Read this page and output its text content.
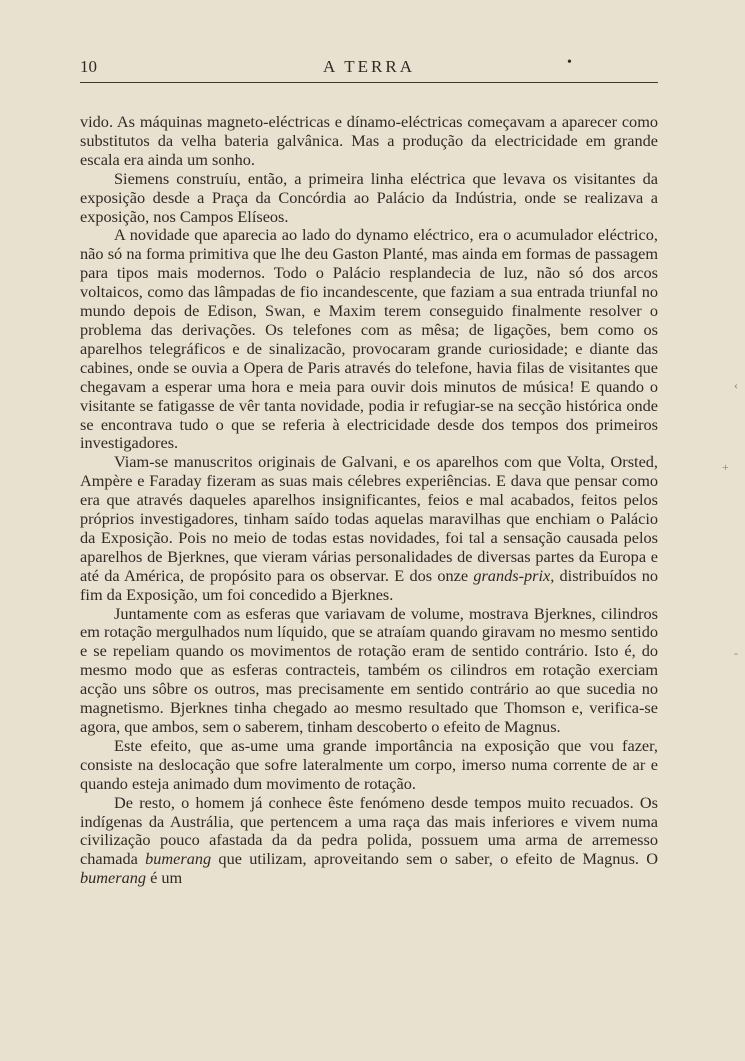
10	A TERRA	•

vido. As máquinas magneto-eléctricas e dínamo-eléctricas começavam a aparecer como substitutos da velha bateria galvânica. Mas a produção da electricidade em grande escala era ainda um sonho.

Siemens construíu, então, a primeira linha eléctrica que levava os visitantes da exposição desde a Praça da Concórdia ao Palácio da Indústria, onde se realizava a exposição, nos Campos Elíseos.

A novidade que aparecia ao lado do dynamo eléctrico, era o acumulador eléctrico, não só na forma primitiva que lhe deu Gaston Planté, mas ainda em formas de passagem para tipos mais modernos. Todo o Palácio resplandecia de luz, não só dos arcos voltaicos, como das lâmpadas de fio incandescente, que faziam a sua entrada triunfal no mundo depois de Edison, Swan, e Maxim terem conseguido finalmente resolver o problema das derivações. Os telefones com as mêsa; de ligações, bem como os aparelhos telegráficos e de sinalizacão, provocaram grande curiosidade; e diante das cabines, onde se ouvia a Opera de Paris através do telefone, havia filas de visitantes que chegavam a esperar uma hora e meia para ouvir dois minutos de música! E quando o visitante se fatigasse de vêr tanta novidade, podia ir refugiar-se na secção histórica onde se encontrava tudo o que se referia à electricidade desde dos tempos dos primeiros investigadores.

Viam-se manuscritos originais de Galvani, e os aparelhos com que Volta, Orsted, Ampère e Faraday fizeram as suas mais célebres experiências. E dava que pensar como era que através daqueles aparelhos insignificantes, feios e mal acabados, feitos pelos próprios investigadores, tinham saído todas aquelas maravilhas que enchiam o Palácio da Exposição. Pois no meio de todas estas novidades, foi tal a sensação causada pelos aparelhos de Bjerknes, que vieram várias personalidades de diversas partes da Europa e até da América, de propósito para os observar. E dos onze grands-prix, distribuídos no fim da Exposição, um foi concedido a Bjerknes.

Juntamente com as esferas que variavam de volume, mostrava Bjerknes, cilindros em rotação mergulhados num líquido, que se atraíam quando giravam no mesmo sentido e se repeliam quando os movimentos de rotação eram de sentido contrário. Isto é, do mesmo modo que as esferas contracteis, também os cilindros em rotação exerciam acção uns sôbre os outros, mas precisamente em sentido contrário ao que sucedia no magnetismo. Bjerknes tinha chegado ao mesmo resultado que Thomson e, verifica-se agora, que ambos, sem o saberem, tinham descoberto o efeito de Magnus.

Este efeito, que as-ume uma grande importância na exposição que vou fazer, consiste na deslocação que sofre lateralmente um corpo, imerso numa corrente de ar e quando esteja animado dum movimento de rotação.

De resto, o homem já conhece êste fenómeno desde tempos muito recuados. Os indígenas da Austrália, que pertencem a uma raça das mais inferiores e vivem numa civilização pouco afastada da da pedra polida, possuem uma arma de arremesso chamada bumerang que utilizam, aproveitando sem o saber, o efeito de Magnus. O bumerang é um

‹
+
-
